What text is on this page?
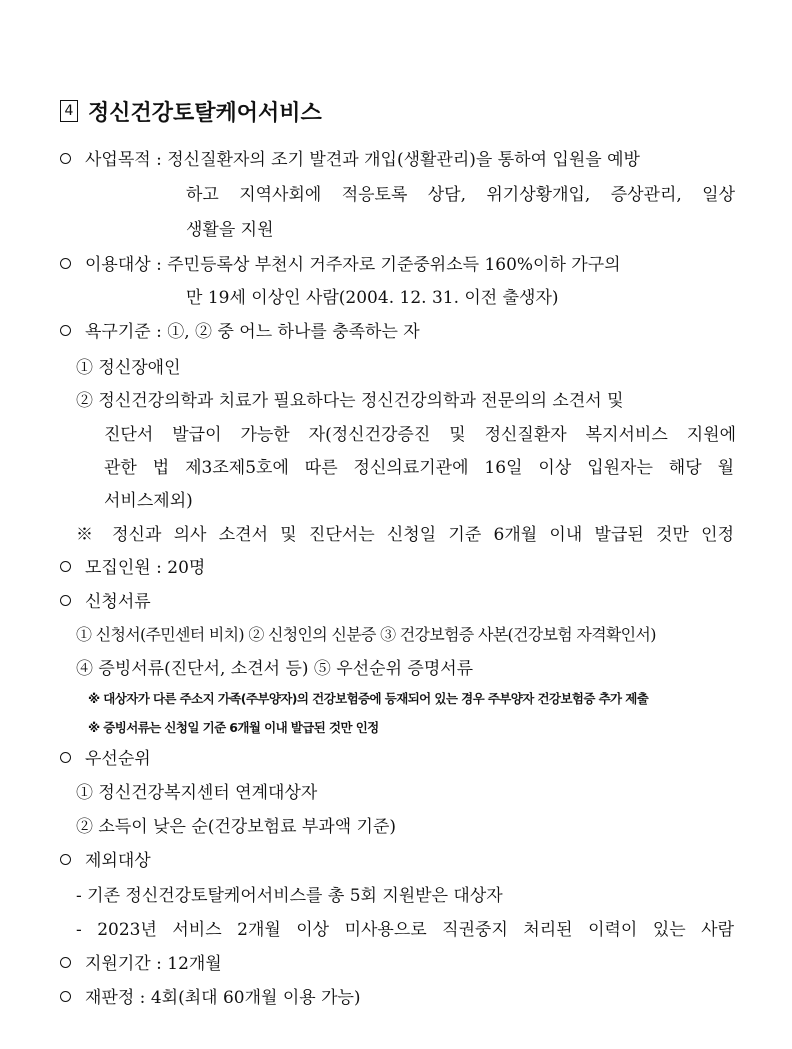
4 정신건강토탈케어서비스
사업목적 : 정신질환자의 조기 발견과 개입(생활관리)을 통하여 입원을 예방
하고 지역사회에 적응토록 상담, 위기상황개입, 증상관리, 일상
생활을 지원
이용대상 : 주민등록상 부천시 거주자로 기준중위소득 160%이하 가구의
만 19세 이상인 사람(2004. 12. 31. 이전 출생자)
욕구기준 : ①, ② 중 어느 하나를 충족하는 자
① 정신장애인
② 정신건강의학과 치료가 필요하다는 정신건강의학과 전문의의 소견서 및
진단서 발급이 가능한 자(정신건강증진 및 정신질환자 복지서비스 지원에
관한 법 제3조제5호에 따른 정신의료기관에 16일 이상 입원자는 해당 월
서비스제외)
※ 정신과 의사 소견서 및 진단서는 신청일 기준 6개월 이내 발급된 것만 인정
모집인원 : 20명
신청서류
① 신청서(주민센터 비치) ② 신청인의 신분증 ③ 건강보험증 사본(건강보험 자격확인서)
④ 증빙서류(진단서, 소견서 등) ⑤ 우선순위 증명서류
※ 대상자가 다른 주소지 가족(주부양자)의 건강보험증에 등재되어 있는 경우 주부양자 건강보험증 추가 제출
※ 증빙서류는 신청일 기준 6개월 이내 발급된 것만 인정
우선순위
① 정신건강복지센터 연계대상자
② 소득이 낮은 순(건강보험료 부과액 기준)
제외대상
- 기존 정신건강토탈케어서비스를 총 5회 지원받은 대상자
- 2023년 서비스 2개월 이상 미사용으로 직권중지 처리된 이력이 있는 사람
지원기간 : 12개월
재판정 : 4회(최대 60개월 이용 가능)
